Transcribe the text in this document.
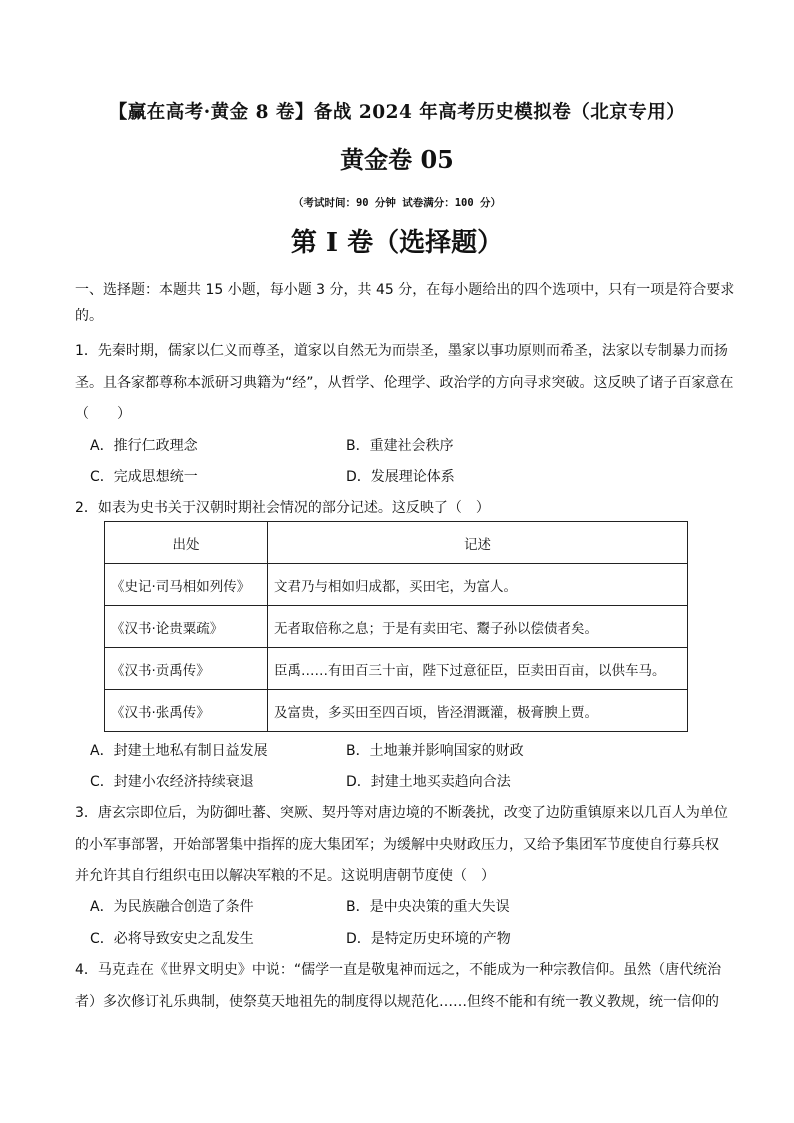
【赢在高考·黄金 8 卷】备战 2024 年高考历史模拟卷（北京专用）
黄金卷 05
（考试时间：90 分钟 试卷满分：100 分）
第 I 卷（选择题）
一、选择题：本题共 15 小题，每小题 3 分，共 45 分，在每小题给出的四个选项中，只有一项是符合要求
的。
1．先秦时期，儒家以仁义而尊圣，道家以自然无为而崇圣，墨家以事功原则而希圣，法家以专制暴力而扬
圣。且各家都尊称本派研习典籍为“经”，从哲学、伦理学、政治学的方向寻求突破。这反映了诸子百家意在
（　　）
A．推行仁政理念	B．重建社会秩序
C．完成思想统一	D．发展理论体系
2．如表为史书关于汉朝时期社会情况的部分记述。这反映了（　）
出处	记述
《史记·司马相如列传》	文君乃与相如归成都，买田宅，为富人。
《汉书·论贵粟疏》	无者取倍称之息；于是有卖田宅、鬻子孙以偿债者矣。
《汉书·贡禹传》	臣禹……有田百三十亩，陛下过意征臣，臣卖田百亩，以供车马。
《汉书·张禹传》	及富贵，多买田至四百顷，皆泾渭溉灌，极膏腴上贾。
A．封建土地私有制日益发展	B．土地兼并影响国家的财政
C．封建小农经济持续衰退	D．封建土地买卖趋向合法
3．唐玄宗即位后，为防御吐蕃、突厥、契丹等对唐边境的不断袭扰，改变了边防重镇原来以几百人为单位
的小军事部署，开始部署集中指挥的庞大集团军；为缓解中央财政压力，又给予集团军节度使自行募兵权
并允许其自行组织屯田以解决军粮的不足。这说明唐朝节度使（　）
A．为民族融合创造了条件	B．是中央决策的重大失误
C．必将导致安史之乱发生	D．是特定历史环境的产物
4．马克垚在《世界文明史》中说：“儒学一直是敬鬼神而远之，不能成为一种宗教信仰。虽然（唐代统治
者）多次修订礼乐典制，使祭莫天地祖先的制度得以规范化……但终不能和有统一教义教规，统一信仰的
